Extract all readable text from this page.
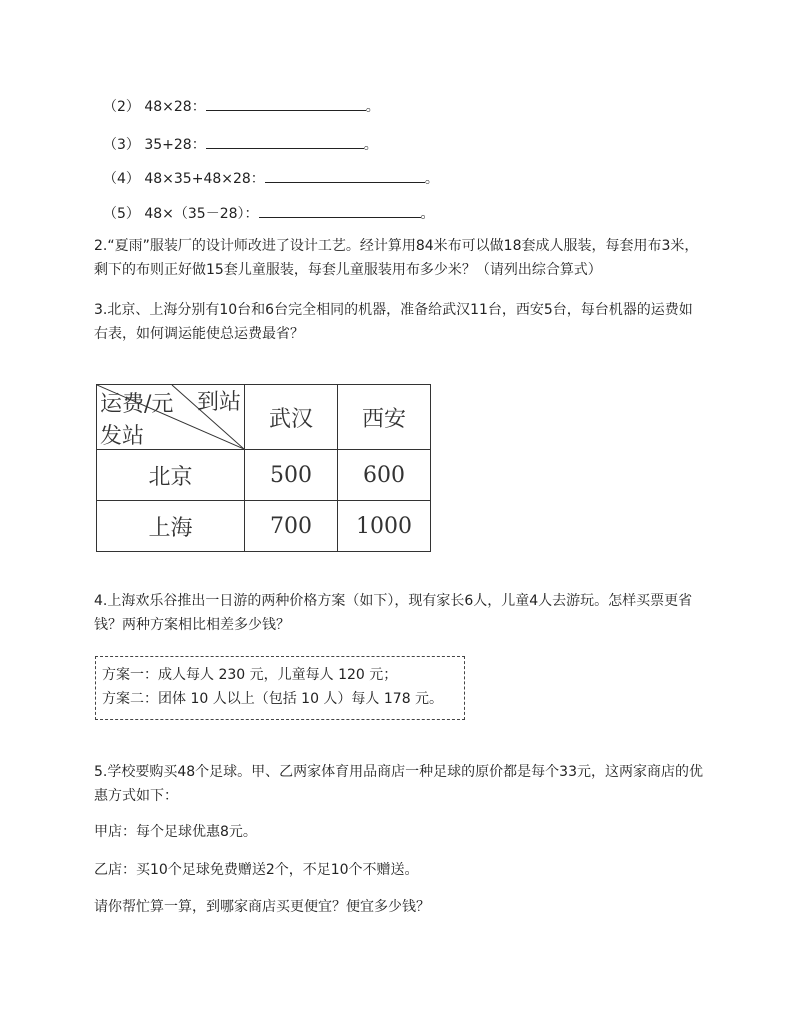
（2） 48×28：	。
（3） 35+28：	。
（4） 48×35+48×28：	。
（5） 48×（35－28）：	。
2.“夏雨”服装厂的设计师改进了设计工艺。经计算用84米布可以做18套成人服装，每套用布3米，剩下的布则正好做15套儿童服装，每套儿童服装用布多少米？（请列出综合算式）
3.北京、上海分别有10台和6台完全相同的机器，准备给武汉11台，西安5台，每台机器的运费如右表，如何调运能使总运费最省？
运费/元 到站
发站	武汉	西安
北京	500	600
上海	700	1000
4.上海欢乐谷推出一日游的两种价格方案（如下），现有家长6人，儿童4人去游玩。怎样买票更省钱？两种方案相比相差多少钱？
方案一：成人每人 230 元，儿童每人 120 元；
方案二：团体 10 人以上（包括 10 人）每人 178 元。
5.学校要购买48个足球。甲、乙两家体育用品商店一种足球的原价都是每个33元，这两家商店的优惠方式如下：
甲店：每个足球优惠8元。
乙店：买10个足球免费赠送2个，不足10个不赠送。
请你帮忙算一算，到哪家商店买更便宜？便宜多少钱？
